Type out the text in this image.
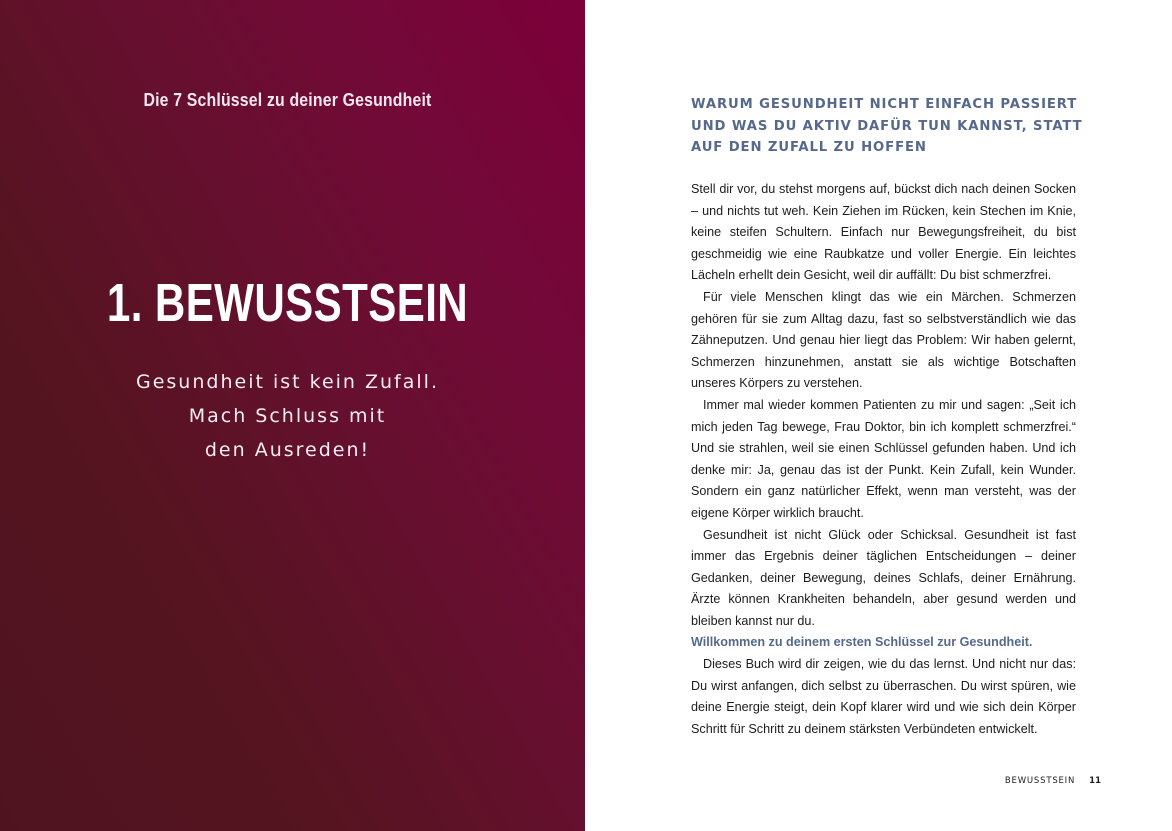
Die 7 Schlüssel zu deiner Gesundheit
1. BEWUSSTSEIN
Gesundheit ist kein Zufall.
Mach Schluss mit
den Ausreden!
WARUM GESUNDHEIT NICHT EINFACH PASSIERT
UND WAS DU AKTIV DAFÜR TUN KANNST, STATT
AUF DEN ZUFALL ZU HOFFEN

Stell dir vor, du stehst morgens auf, bückst dich nach deinen Socken – und nichts tut weh. Kein Ziehen im Rücken, kein Stechen im Knie, keine steifen Schultern. Einfach nur Bewegungsfreiheit, du bist geschmeidig wie eine Raubkatze und voller Energie. Ein leichtes Lächeln erhellt dein Gesicht, weil dir auffällt: Du bist schmerzfrei.

Für viele Menschen klingt das wie ein Märchen. Schmerzen gehören für sie zum Alltag dazu, fast so selbstverständlich wie das Zähneputzen. Und genau hier liegt das Problem: Wir haben gelernt, Schmerzen hinzunehmen, anstatt sie als wichtige Botschaften unseres Körpers zu verstehen.

Immer mal wieder kommen Patienten zu mir und sagen: „Seit ich mich jeden Tag bewege, Frau Doktor, bin ich komplett schmerzfrei.“ Und sie strahlen, weil sie einen Schlüssel gefunden haben. Und ich denke mir: Ja, genau das ist der Punkt. Kein Zufall, kein Wunder. Sondern ein ganz natürlicher Effekt, wenn man versteht, was der eigene Körper wirklich braucht.

Gesundheit ist nicht Glück oder Schicksal. Gesundheit ist fast immer das Ergebnis deiner täglichen Entscheidungen – deiner Gedanken, deiner Bewegung, deines Schlafs, deiner Ernährung. Ärzte können Krankheiten behandeln, aber gesund werden und bleiben kannst nur du.

Willkommen zu deinem ersten Schlüssel zur Gesundheit.

Dieses Buch wird dir zeigen, wie du das lernst. Und nicht nur das: Du wirst anfangen, dich selbst zu überraschen. Du wirst spüren, wie deine Energie steigt, dein Kopf klarer wird und wie sich dein Körper Schritt für Schritt zu deinem stärksten Verbündeten entwickelt.

BEWUSSTSEIN 11
